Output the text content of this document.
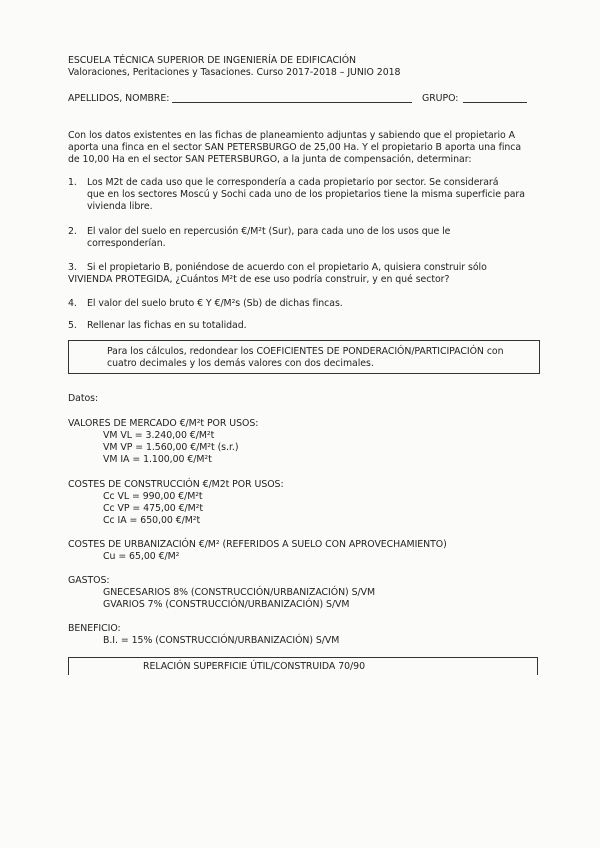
ESCUELA TÉCNICA SUPERIOR DE INGENIERÍA DE EDIFICACIÓN
Valoraciones, Peritaciones y Tasaciones. Curso 2017-2018 – JUNIO 2018
APELLIDOS, NOMBRE:	GRUPO:
Con los datos existentes en las fichas de planeamiento adjuntas y sabiendo que el propietario A
aporta una finca en el sector SAN PETERSBURGO de 25,00 Ha. Y el propietario B aporta una finca
de 10,00 Ha en el sector SAN PETERSBURGO, a la junta de compensación, determinar:
1. Los M2t de cada uso que le correspondería a cada propietario por sector. Se considerará
que en los sectores Moscú y Sochi cada uno de los propietarios tiene la misma superficie para
vivienda libre.
2. El valor del suelo en repercusión €/M²t (Sur), para cada uno de los usos que le
corresponderían.
3. Si el propietario B, poniéndose de acuerdo con el propietario A, quisiera construir sólo
VIVIENDA PROTEGIDA, ¿Cuántos M²t de ese uso podría construir, y en qué sector?
4. El valor del suelo bruto € Y €/M²s (Sb) de dichas fincas.
5. Rellenar las fichas en su totalidad.
Para los cálculos, redondear los COEFICIENTES DE PONDERACIÓN/PARTICIPACIÓN con
cuatro decimales y los demás valores con dos decimales.
Datos:
VALORES DE MERCADO €/M²t POR USOS:
VM VL = 3.240,00 €/M²t
VM VP = 1.560,00 €/M²t (s.r.)
VM IA = 1.100,00 €/M²t
COSTES DE CONSTRUCCIÓN €/M2t POR USOS:
Cc VL = 990,00 €/M²t
Cc VP = 475,00 €/M²t
Cc IA = 650,00 €/M²t
COSTES DE URBANIZACIÓN €/M² (REFERIDOS A SUELO CON APROVECHAMIENTO)
Cu = 65,00 €/M²
GASTOS:
GNECESARIOS 8% (CONSTRUCCIÓN/URBANIZACIÓN) S/VM
GVARIOS 7% (CONSTRUCCIÓN/URBANIZACIÓN) S/VM
BENEFICIO:
B.I. = 15% (CONSTRUCCIÓN/URBANIZACIÓN) S/VM
RELACIÓN SUPERFICIE ÚTIL/CONSTRUIDA 70/90
